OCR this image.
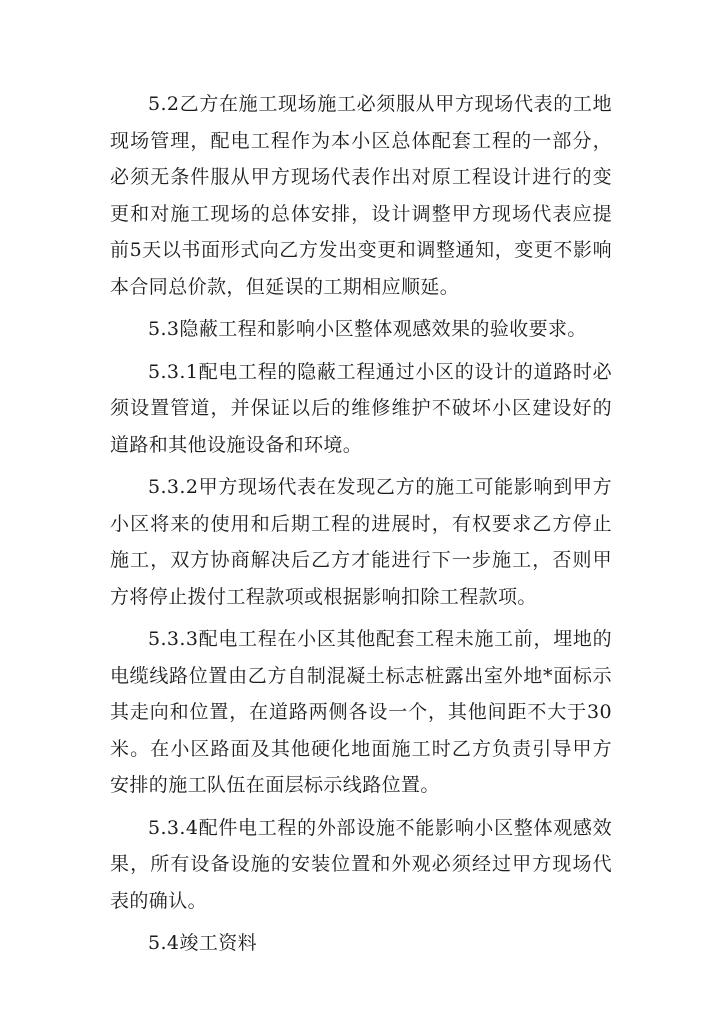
5.2乙方在施工现场施工必须服从甲方现场代表的工地现场管理，配电工程作为本小区总体配套工程的一部分，必须无条件服从甲方现场代表作出对原工程设计进行的变更和对施工现场的总体安排，设计调整甲方现场代表应提前5天以书面形式向乙方发出变更和调整通知，变更不影响本合同总价款，但延误的工期相应顺延。

5.3隐蔽工程和影响小区整体观感效果的验收要求。

5.3.1配电工程的隐蔽工程通过小区的设计的道路时必须设置管道，并保证以后的维修维护不破坏小区建设好的道路和其他设施设备和环境。

5.3.2甲方现场代表在发现乙方的施工可能影响到甲方小区将来的使用和后期工程的进展时，有权要求乙方停止施工，双方协商解决后乙方才能进行下一步施工，否则甲方将停止拨付工程款项或根据影响扣除工程款项。

5.3.3配电工程在小区其他配套工程未施工前，埋地的电缆线路位置由乙方自制混凝土标志桩露出室外地*面标示其走向和位置，在道路两侧各设一个，其他间距不大于30米。在小区路面及其他硬化地面施工时乙方负责引导甲方安排的施工队伍在面层标示线路位置。

5.3.4配件电工程的外部设施不能影响小区整体观感效果，所有设备设施的安装位置和外观必须经过甲方现场代表的确认。

5.4竣工资料
